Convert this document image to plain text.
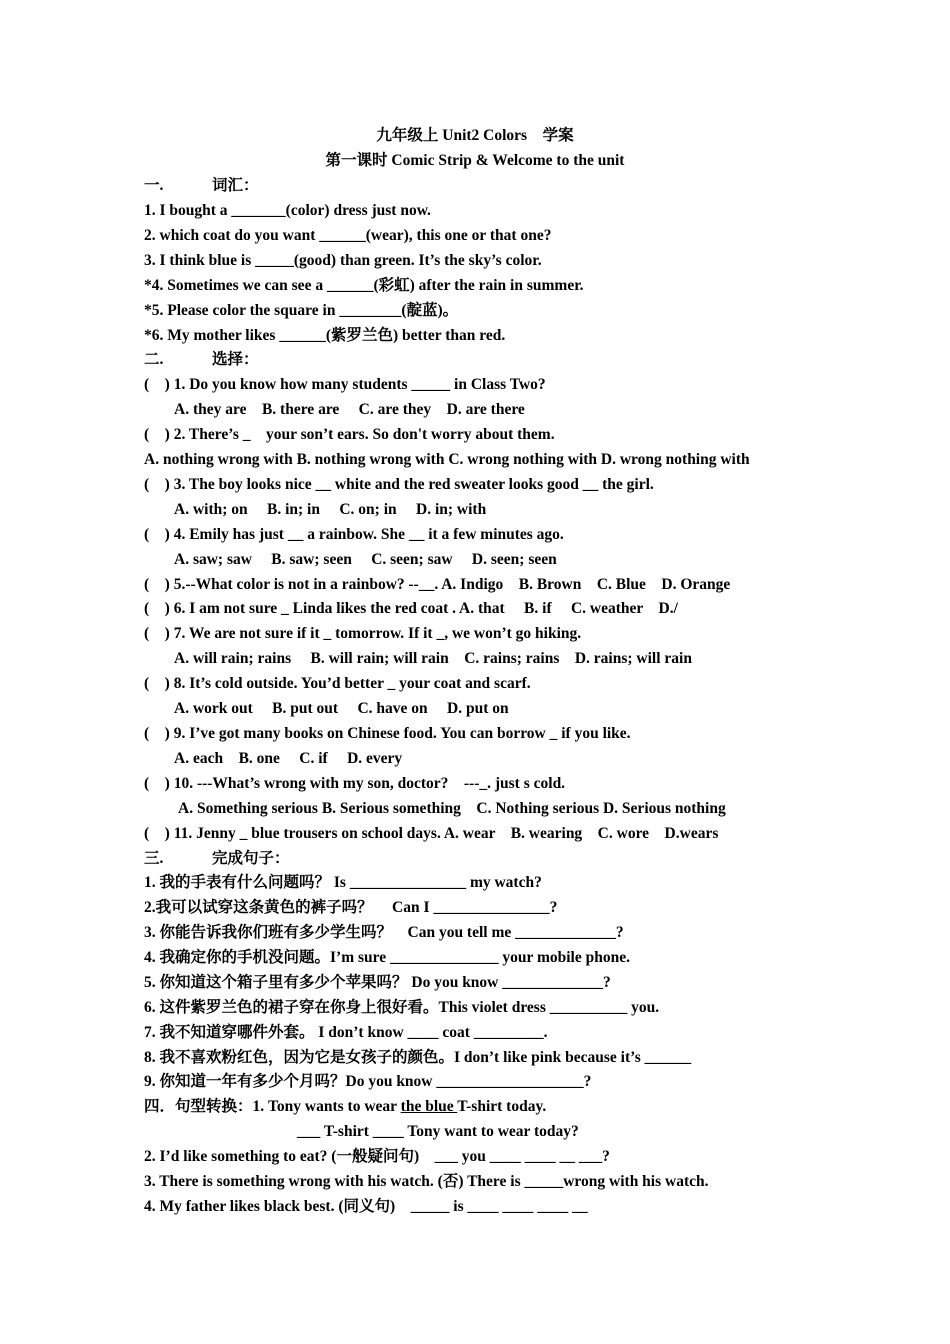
九年级上 Unit2 Colors　学案
第一课时 Comic Strip & Welcome to the unit
一.	词汇：
1. I bought a _______(color) dress just now.
2. which coat do you want ______(wear), this one or that one?
3. I think blue is _____(good) than green. It’s the sky’s color.
*4. Sometimes we can see a ______(彩虹) after the rain in summer.
*5. Please color the square in ________(靛蓝)。
*6. My mother likes ______(紫罗兰色) better than red.
二.	选择：
(　) 1. Do you know how many students _____ in Class Two?
A. they are　B. there are　 C. are they　D. are there
(　) 2. There’s _　your son’t ears. So don't worry about them.
A. nothing wrong with B. nothing wrong with C. wrong nothing with D. wrong nothing with
(　) 3. The boy looks nice __ white and the red sweater looks good __ the girl.
A. with; on　 B. in; in　 C. on; in　 D. in; with
(　) 4. Emily has just __ a rainbow. She __ it a few minutes ago.
A. saw; saw　 B. saw; seen　 C. seen; saw　 D. seen; seen
(　) 5.--What color is not in a rainbow? --__. A. Indigo　B. Brown　C. Blue　D. Orange
(　) 6. I am not sure _ Linda likes the red coat . A. that　 B. if　 C. weather　D./
(　) 7. We are not sure if it _ tomorrow. If it _, we won’t go hiking.
A. will rain; rains　 B. will rain; will rain　C. rains; rains　D. rains; will rain
(　) 8. It’s cold outside. You’d better _ your coat and scarf.
A. work out　 B. put out　 C. have on　 D. put on
(　) 9. I’ve got many books on Chinese food. You can borrow _ if you like.
A. each　B. one　 C. if　 D. every
(　) 10. ---What’s wrong with my son, doctor?　---_. just s cold.
A. Something serious B. Serious something　C. Nothing serious D. Serious nothing
(　) 11. Jenny _ blue trousers on school days. A. wear　B. wearing　C. wore　D.wears
三.	完成句子：
1. 我的手表有什么问题吗？ Is _______________ my watch?
2.我可以试穿这条黄色的裤子吗？　 Can I _______________?
3. 你能告诉我你们班有多少学生吗？　Can you tell me _____________?
4. 我确定你的手机没问题。I’m sure ______________ your mobile phone.
5. 你知道这个箱子里有多少个苹果吗？ Do you know _____________?
6. 这件紫罗兰色的裙子穿在你身上很好看。This violet dress __________ you.
7. 我不知道穿哪件外套。 I don’t know ____ coat _________.
8. 我不喜欢粉红色，因为它是女孩子的颜色。I don’t like pink because it’s ______
9. 你知道一年有多少个月吗？Do you know ___________________?
四．句型转换：1. Tony wants to wear the blue T-shirt today.
___ T-shirt ____ Tony want to wear today?
2. I’d like something to eat? (一般疑问句)　___ you ____ ____ __ ___?
3. There is something wrong with his watch. (否) There is _____wrong with his watch.
4. My father likes black best. (同义句)　_____ is ____ ____ ____ __
